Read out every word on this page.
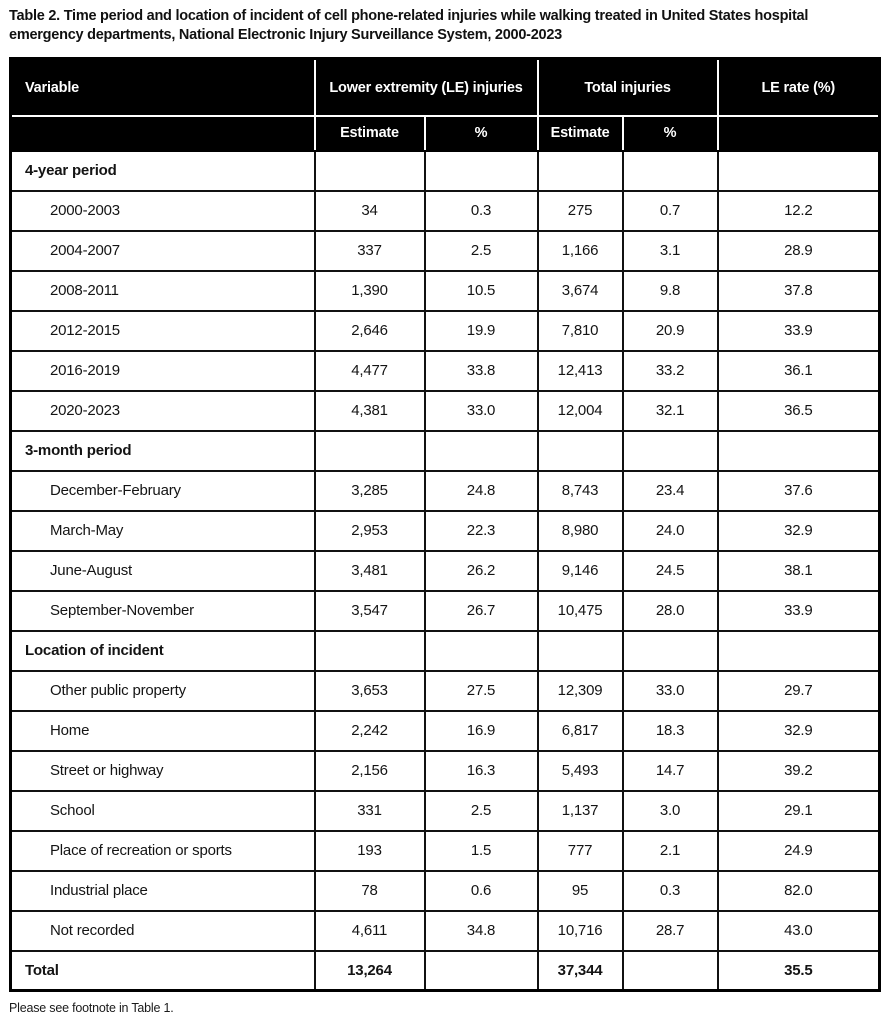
Table 2. Time period and location of incident of cell phone-related injuries while walking treated in United States hospital emergency departments, National Electronic Injury Surveillance System, 2000-2023
Variable	Lower extremity (LE) injuries		Total injuries		LE rate (%)
	Estimate	%	Estimate	%	
4-year period					
2000-2003	34	0.3	275	0.7	12.2
2004-2007	337	2.5	1,166	3.1	28.9
2008-2011	1,390	10.5	3,674	9.8	37.8
2012-2015	2,646	19.9	7,810	20.9	33.9
2016-2019	4,477	33.8	12,413	33.2	36.1
2020-2023	4,381	33.0	12,004	32.1	36.5
3-month period					
December-February	3,285	24.8	8,743	23.4	37.6
March-May	2,953	22.3	8,980	24.0	32.9
June-August	3,481	26.2	9,146	24.5	38.1
September-November	3,547	26.7	10,475	28.0	33.9
Location of incident					
Other public property	3,653	27.5	12,309	33.0	29.7
Home	2,242	16.9	6,817	18.3	32.9
Street or highway	2,156	16.3	5,493	14.7	39.2
School	331	2.5	1,137	3.0	29.1
Place of recreation or sports	193	1.5	777	2.1	24.9
Industrial place	78	0.6	95	0.3	82.0
Not recorded	4,611	34.8	10,716	28.7	43.0
Total	13,264		37,344		35.5
Please see footnote in Table 1.
